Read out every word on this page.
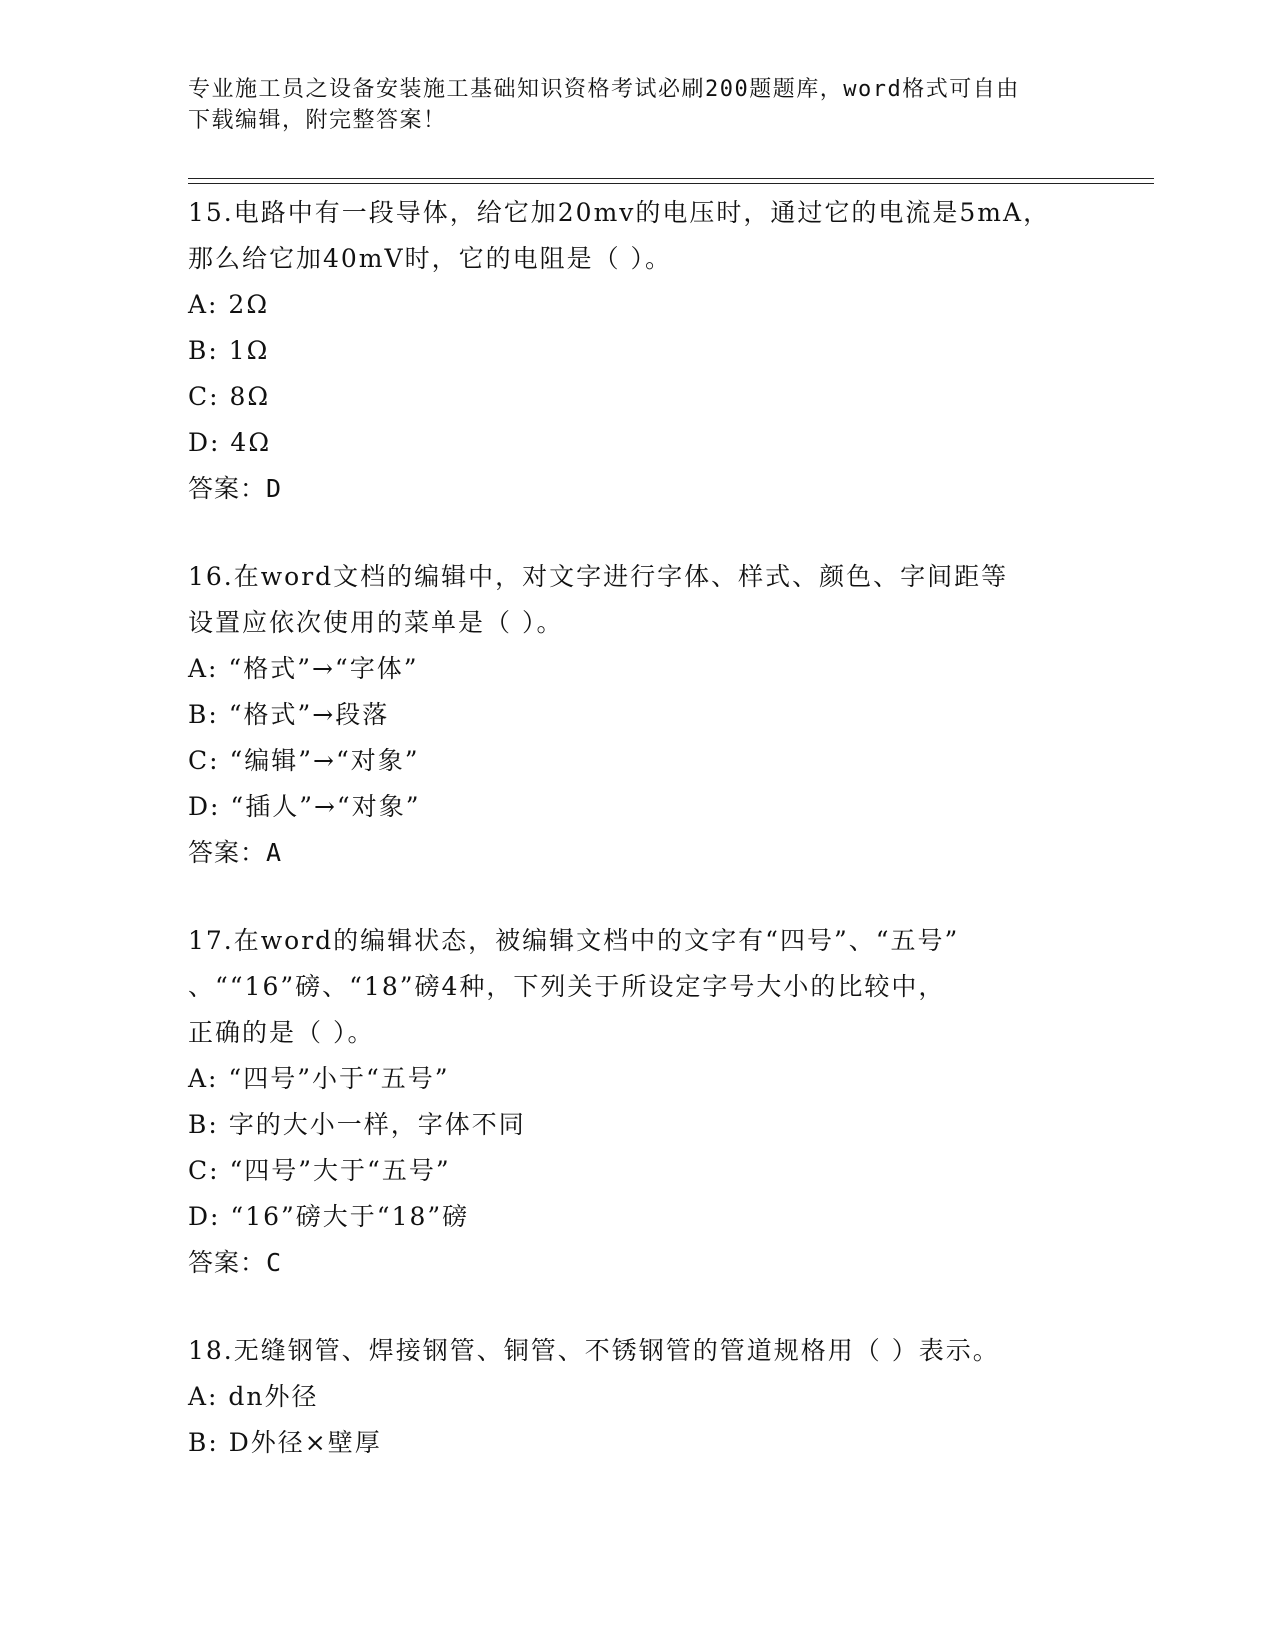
专业施工员之设备安装施工基础知识资格考试必刷200题题库，word格式可自由
下载编辑，附完整答案！
15.电路中有一段导体，给它加20mv的电压时，通过它的电流是5mA，
那么给它加40mV时，它的电阻是（ ）。
A: 2Ω
B: 1Ω
C: 8Ω
D: 4Ω
答案：D
16.在word文档的编辑中，对文字进行字体、样式、颜色、字间距等
设置应依次使用的菜单是（ ）。
A: “格式”→“字体”
B: “格式”→段落
C: “编辑”→“对象”
D: “插人”→“对象”
答案：A
17.在word的编辑状态，被编辑文档中的文字有“四号”、“五号”
、““16”磅、“18”磅4种，下列关于所设定字号大小的比较中，
正确的是（ ）。
A: “四号”小于“五号”
B: 字的大小一样，字体不同
C: “四号”大于“五号”
D: “16”磅大于“18”磅
答案：C
18.无缝钢管、焊接钢管、铜管、不锈钢管的管道规格用（ ）表示。
A: dn外径
B: D外径×壁厚
